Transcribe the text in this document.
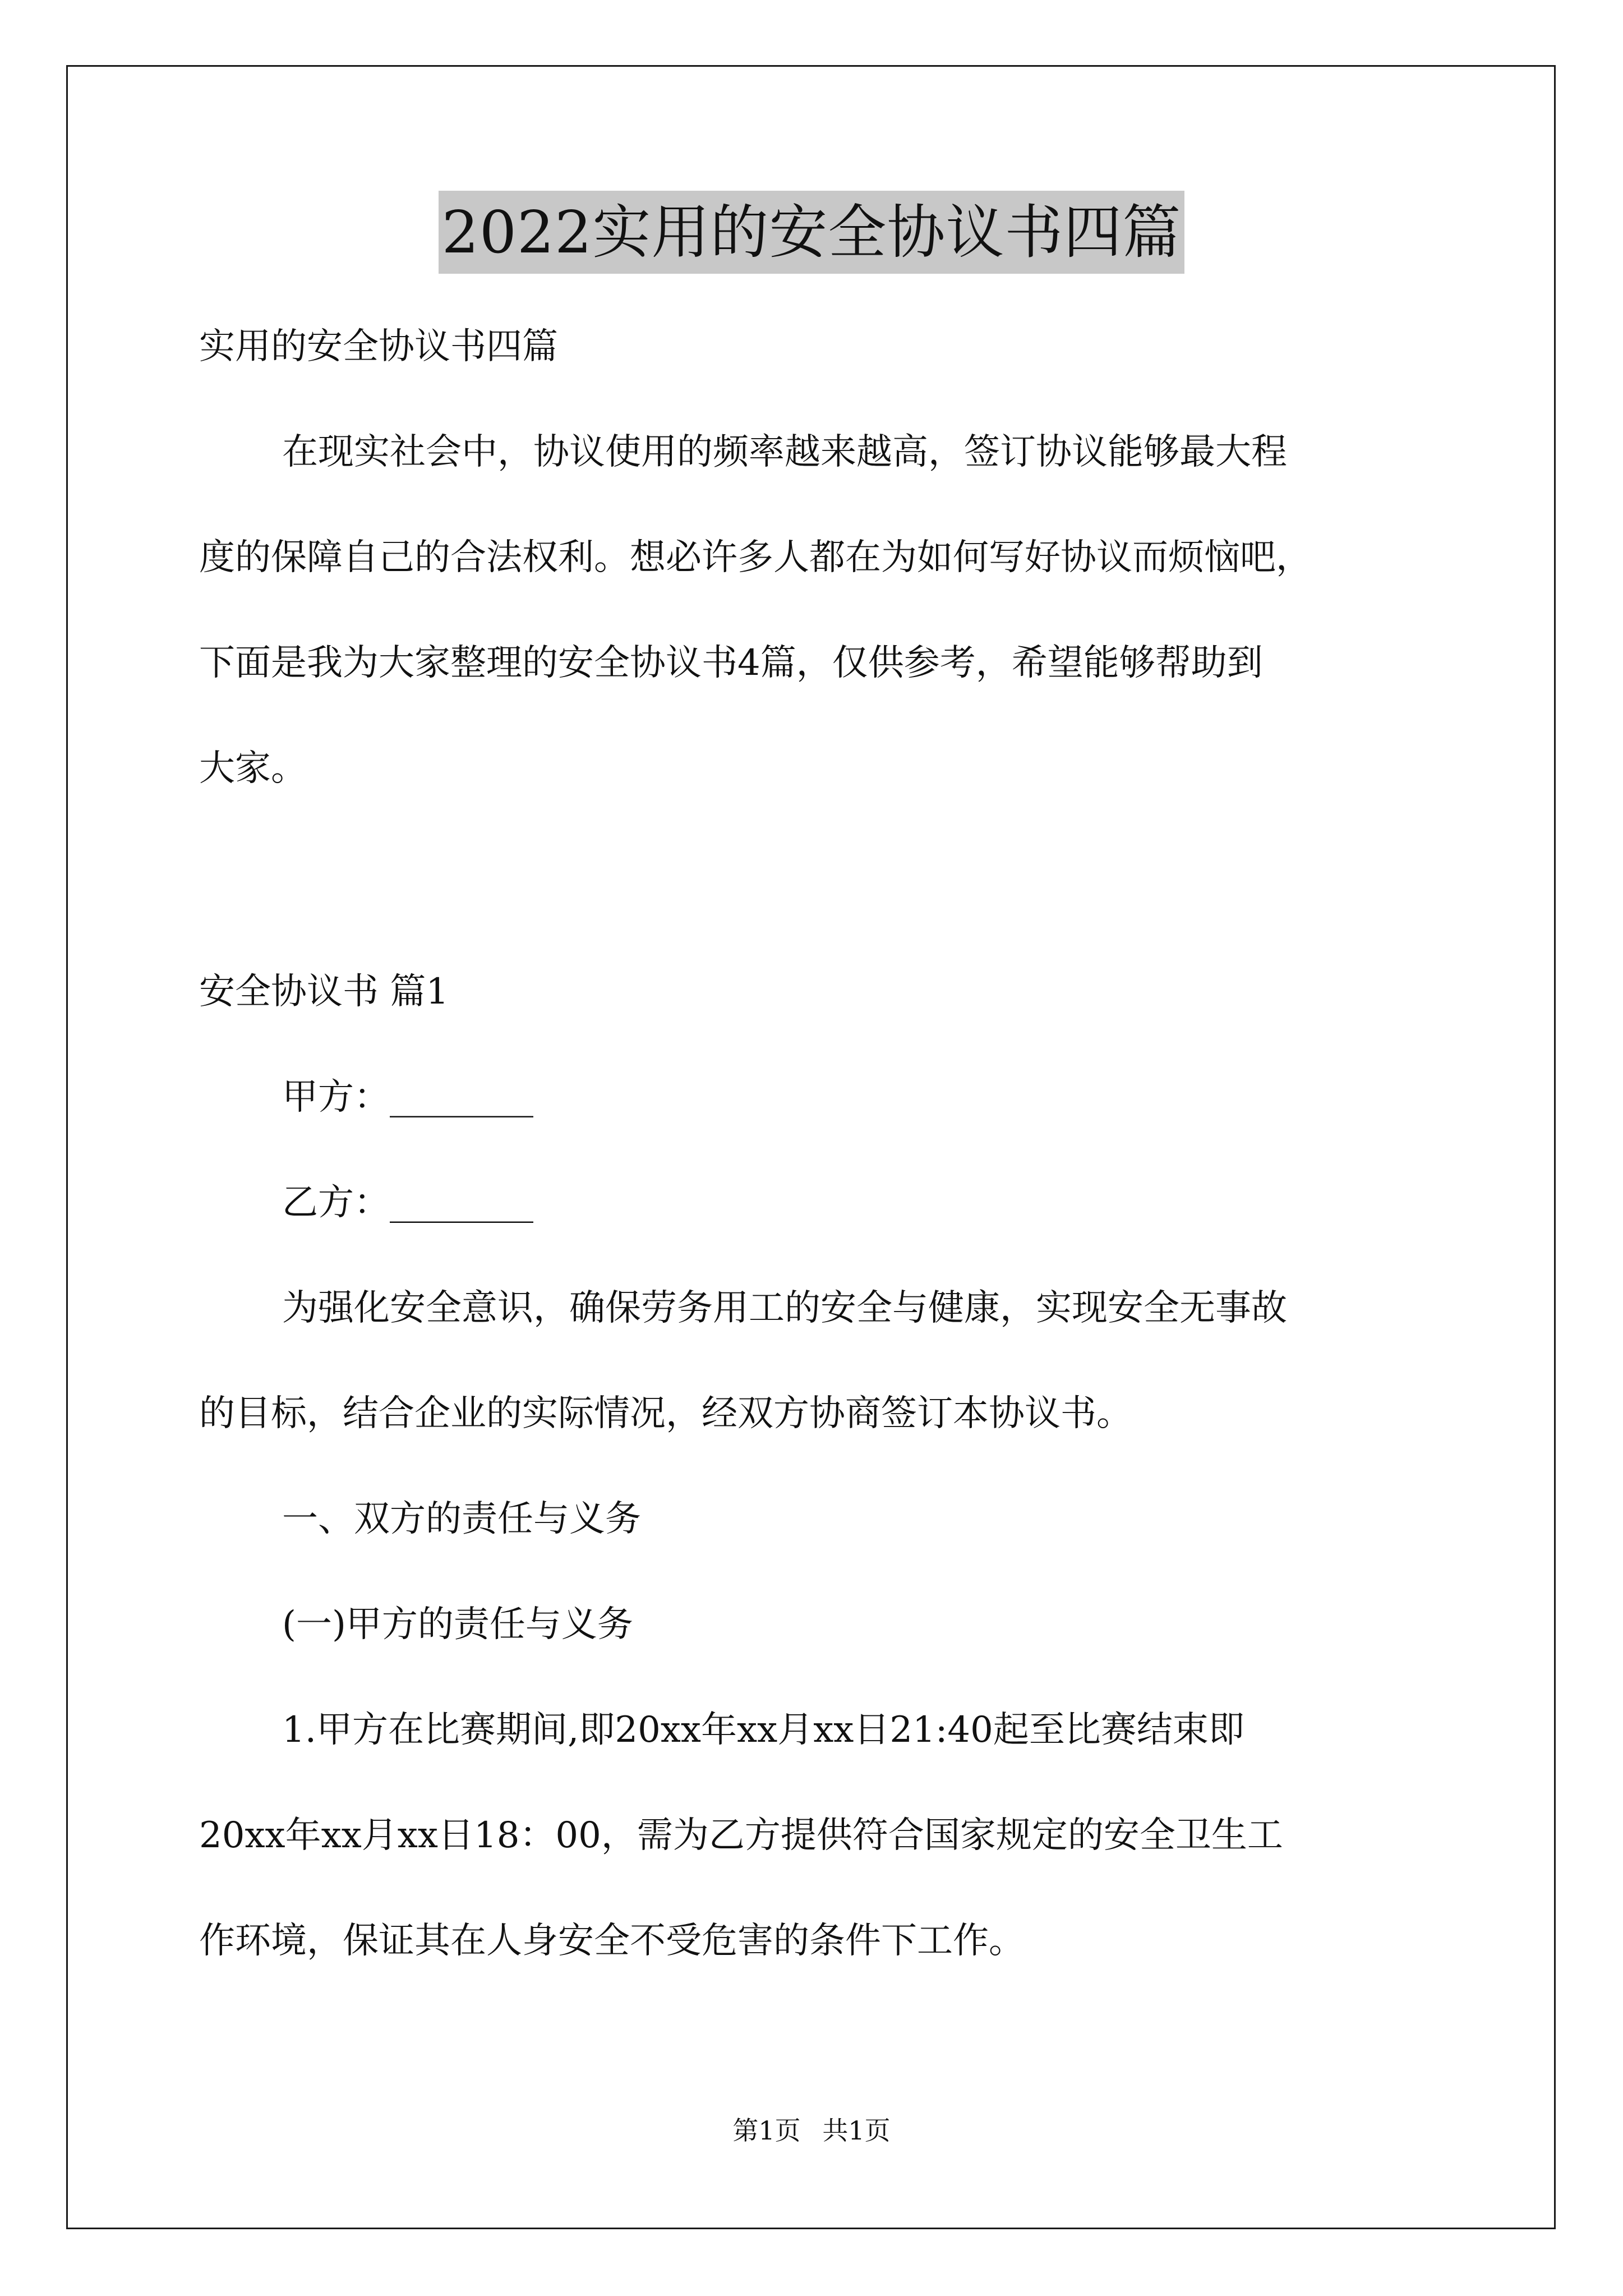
2022实用的安全协议书四篇

实用的安全协议书四篇

在现实社会中，协议使用的频率越来越高，签订协议能够最大程

度的保障自己的合法权利。想必许多人都在为如何写好协议而烦恼吧，

下面是我为大家整理的安全协议书4篇，仅供参考，希望能够帮助到

大家。

安全协议书 篇1

甲方：________

乙方：________

为强化安全意识，确保劳务用工的安全与健康，实现安全无事故

的目标，结合企业的实际情况，经双方协商签订本协议书。

一、双方的责任与义务

(一)甲方的责任与义务

1.甲方在比赛期间,即20xx年xx月xx日21:40起至比赛结束即

20xx年xx月xx日18：00，需为乙方提供符合国家规定的安全卫生工

作环境，保证其在人身安全不受危害的条件下工作。

第1页 共1页
